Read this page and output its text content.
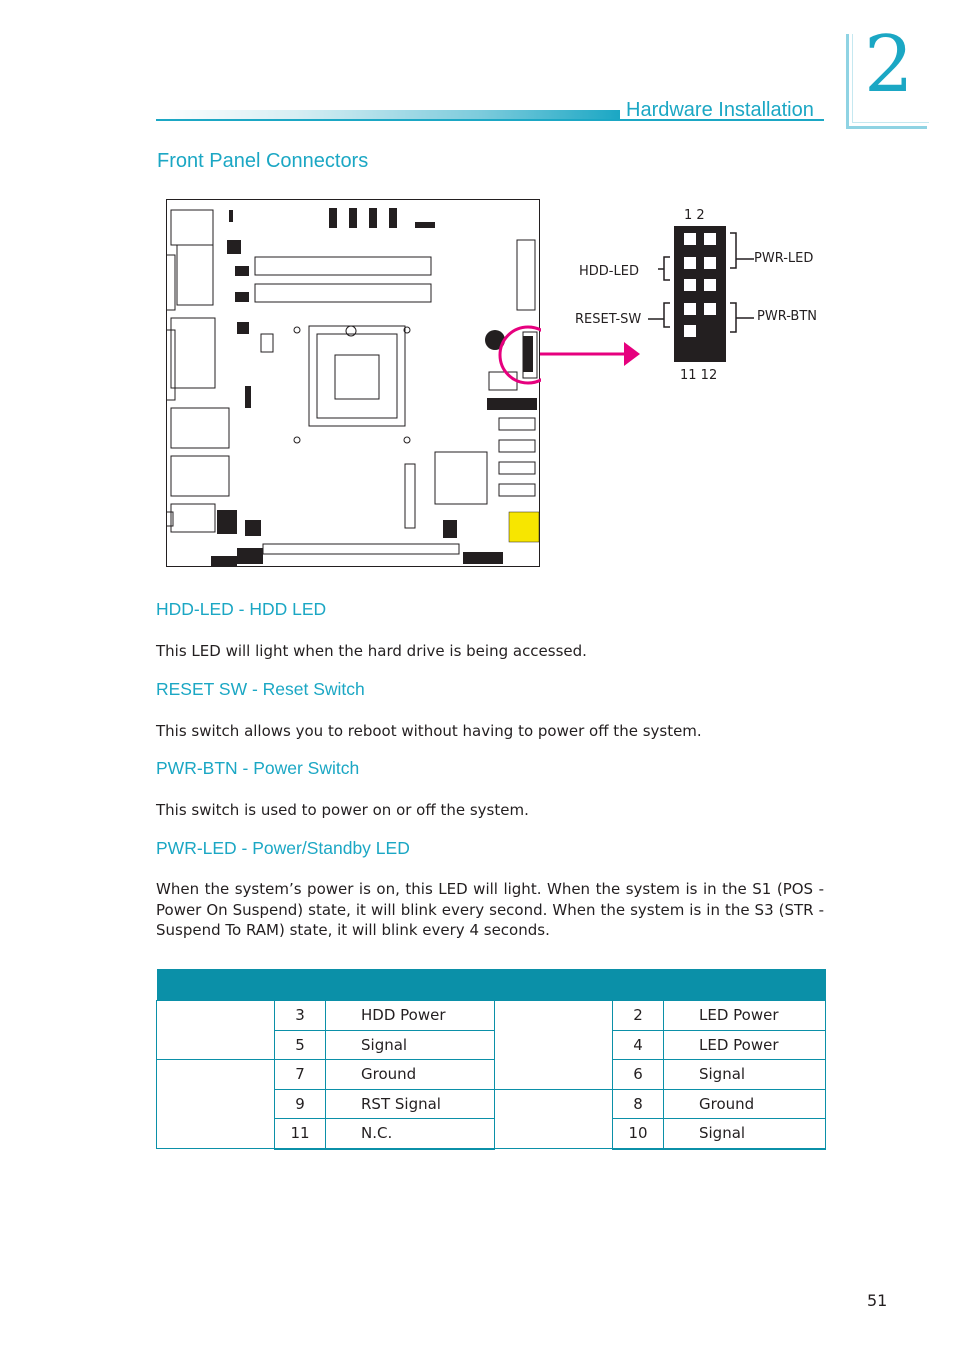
Hardware Installation 2
Front Panel Connectors
1 2
11 12
HDD-LED
RESET-SW
PWR-LED
PWR-BTN
HDD-LED - HDD LED
This LED will light when the hard drive is being accessed.
RESET SW - Reset Switch
This switch allows you to reboot without having to power off the system.
PWR-BTN - Power Switch
This switch is used to power on or off the system.
PWR-LED - Power/Standby LED
When the system’s power is on, this LED will light. When the system is in the S1 (POS - Power On Suspend) state, it will blink every second. When the system is in the S3 (STR - Suspend To RAM) state, it will blink every 4 seconds.

	3	HDD Power		2	LED Power
	5	Signal		4	LED Power
	7	Ground		6	Signal
	9	RST Signal		8	Ground
	11	N.C.		10	Signal
51
